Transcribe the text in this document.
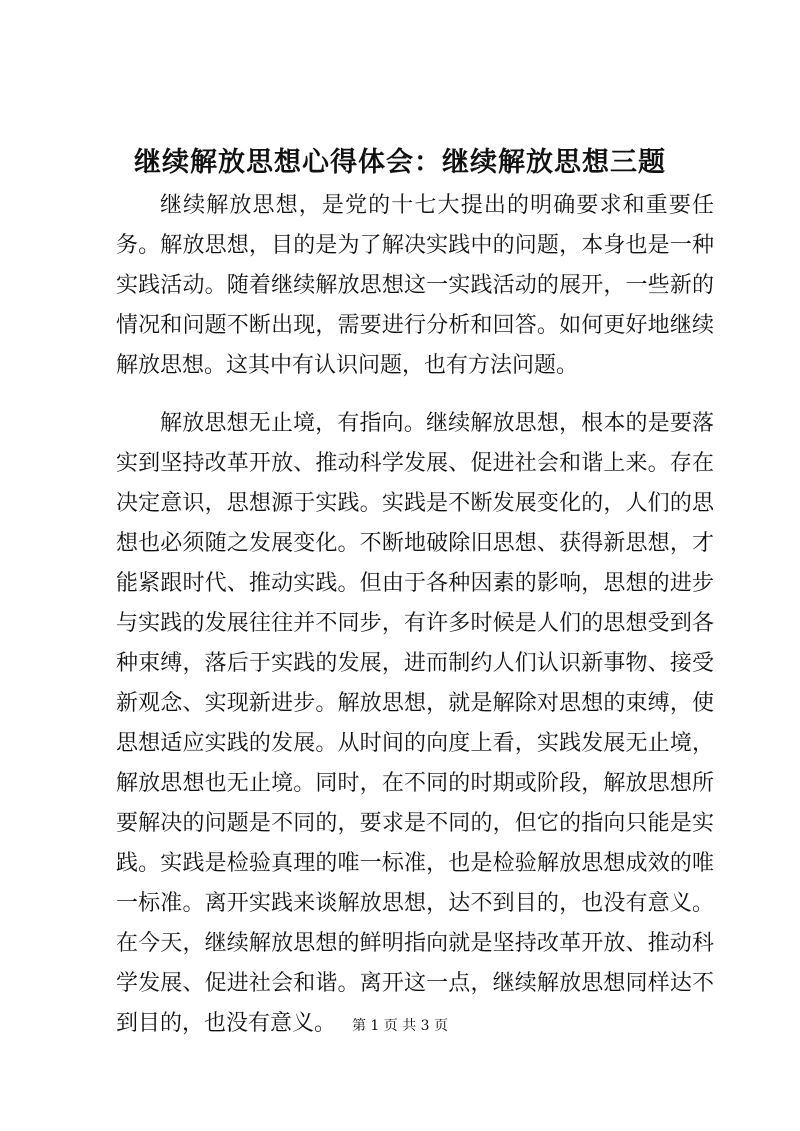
继续解放思想心得体会：继续解放思想三题

继续解放思想，是党的十七大提出的明确要求和重要任务。解放思想，目的是为了解决实践中的问题，本身也是一种实践活动。随着继续解放思想这一实践活动的展开，一些新的情况和问题不断出现，需要进行分析和回答。如何更好地继续解放思想。这其中有认识问题，也有方法问题。

解放思想无止境，有指向。继续解放思想，根本的是要落实到坚持改革开放、推动科学发展、促进社会和谐上来。存在决定意识，思想源于实践。实践是不断发展变化的，人们的思想也必须随之发展变化。不断地破除旧思想、获得新思想，才能紧跟时代、推动实践。但由于各种因素的影响，思想的进步与实践的发展往往并不同步，有许多时候是人们的思想受到各种束缚，落后于实践的发展，进而制约人们认识新事物、接受新观念、实现新进步。解放思想，就是解除对思想的束缚，使思想适应实践的发展。从时间的向度上看，实践发展无止境，解放思想也无止境。同时，在不同的时期或阶段，解放思想所要解决的问题是不同的，要求是不同的，但它的指向只能是实践。实践是检验真理的唯一标准，也是检验解放思想成效的唯一标准。离开实践来谈解放思想，达不到目的，也没有意义。在今天，继续解放思想的鲜明指向就是坚持改革开放、推动科学发展、促进社会和谐。离开这一点，继续解放思想同样达不到目的，也没有意义。	第 1 页 共 3 页
